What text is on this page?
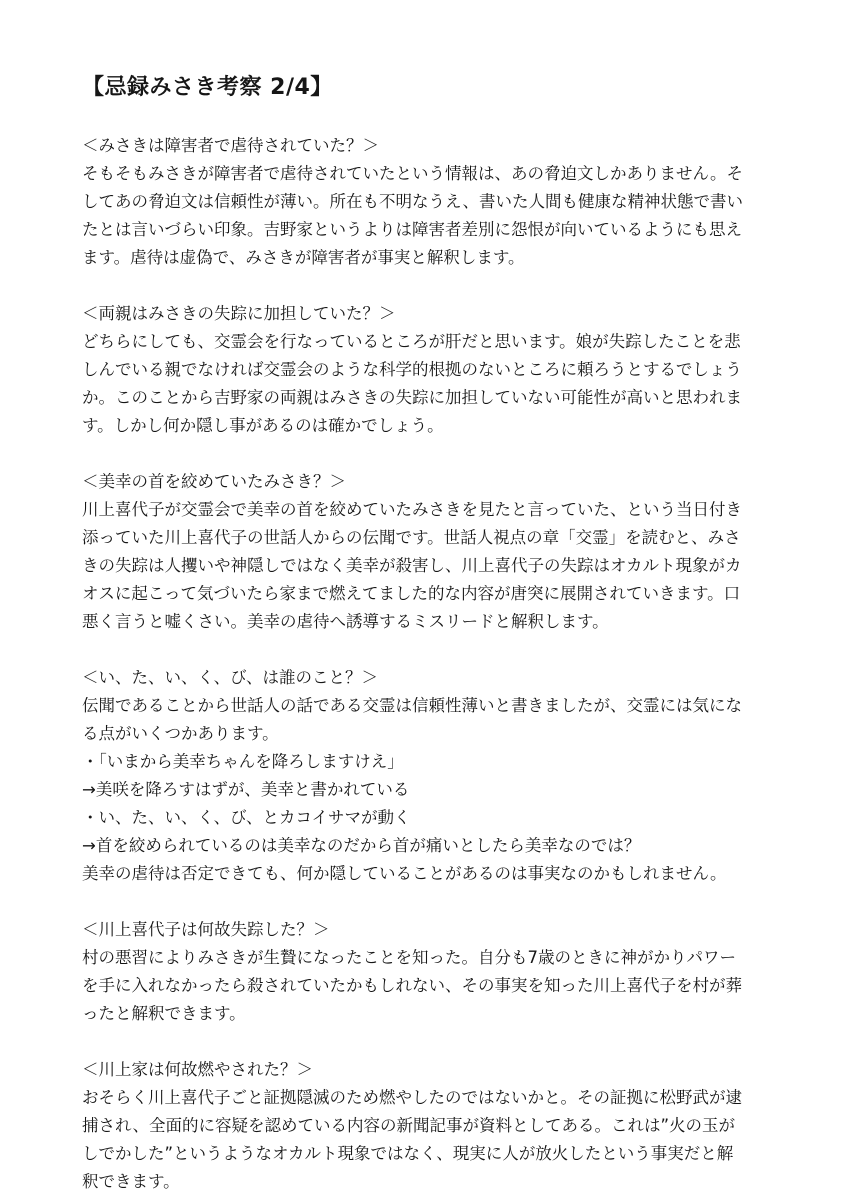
【忌録みさき考察 2/4】

＜みさきは障害者で虐待されていた？＞

そもそもみさきが障害者で虐待されていたという情報は、あの脅迫文しかありません。そ

してあの脅迫文は信頼性が薄い。所在も不明なうえ、書いた人間も健康な精神状態で書い

たとは言いづらい印象。吉野家というよりは障害者差別に怨恨が向いているようにも思え

ます。虐待は虚偽で、みさきが障害者が事実と解釈します。

＜両親はみさきの失踪に加担していた？＞

どちらにしても、交霊会を行なっているところが肝だと思います。娘が失踪したことを悲

しんでいる親でなければ交霊会のような科学的根拠のないところに頼ろうとするでしょう

か。このことから吉野家の両親はみさきの失踪に加担していない可能性が高いと思われま

す。しかし何か隠し事があるのは確かでしょう。

＜美幸の首を絞めていたみさき？＞

川上喜代子が交霊会で美幸の首を絞めていたみさきを見たと言っていた、という当日付き

添っていた川上喜代子の世話人からの伝聞です。世話人視点の章「交霊」を読むと、みさ

きの失踪は人攫いや神隠しではなく美幸が殺害し、川上喜代子の失踪はオカルト現象がカ

オスに起こって気づいたら家まで燃えてました的な内容が唐突に展開されていきます。口

悪く言うと嘘くさい。美幸の虐待へ誘導するミスリードと解釈します。

＜い、た、い、く、び、は誰のこと？＞

伝聞であることから世話人の話である交霊は信頼性薄いと書きましたが、交霊には気にな

る点がいくつかあります。

・「いまから美幸ちゃんを降ろしますけえ」

→美咲を降ろすはずが、美幸と書かれている

・い、た、い、く、び、とカコイサマが動く

→首を絞められているのは美幸なのだから首が痛いとしたら美幸なのでは？

美幸の虐待は否定できても、何か隠していることがあるのは事実なのかもしれません。

＜川上喜代子は何故失踪した？＞

村の悪習によりみさきが生贄になったことを知った。自分も7歳のときに神がかりパワー

を手に入れなかったら殺されていたかもしれない、その事実を知った川上喜代子を村が葬

ったと解釈できます。

＜川上家は何故燃やされた？＞

おそらく川上喜代子ごと証拠隠滅のため燃やしたのではないかと。その証拠に松野武が逮

捕され、全面的に容疑を認めている内容の新聞記事が資料としてある。これは”火の玉が

しでかした”というようなオカルト現象ではなく、現実に人が放火したという事実だと解

釈できます。
